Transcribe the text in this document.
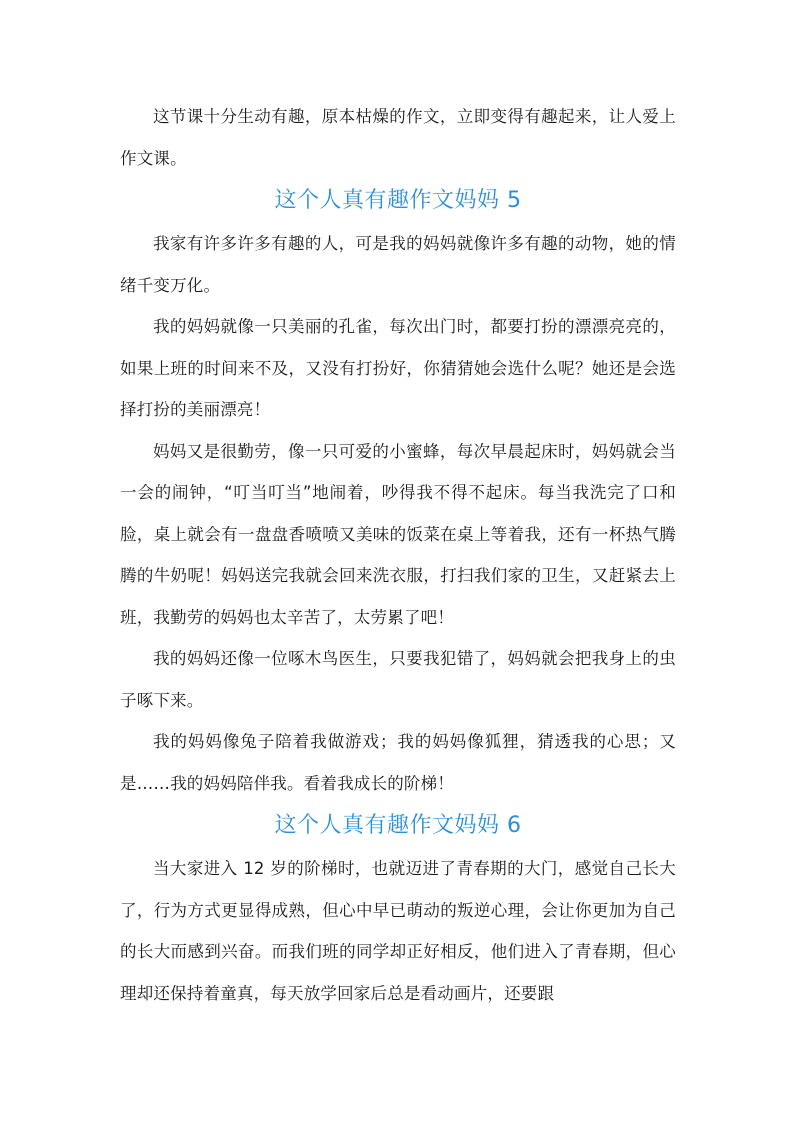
这节课十分生动有趣，原本枯燥的作文，立即变得有趣起来，让人爱上作文课。

这个人真有趣作文妈妈 5

我家有许多许多有趣的人，可是我的妈妈就像许多有趣的动物，她的情绪千变万化。

我的妈妈就像一只美丽的孔雀，每次出门时，都要打扮的漂漂亮亮的，如果上班的时间来不及，又没有打扮好，你猜猜她会选什么呢？她还是会选择打扮的美丽漂亮！

妈妈又是很勤劳，像一只可爱的小蜜蜂，每次早晨起床时，妈妈就会当一会的闹钟，“叮当叮当”地闹着，吵得我不得不起床。每当我洗完了口和脸，桌上就会有一盘盘香喷喷又美味的饭菜在桌上等着我，还有一杯热气腾腾的牛奶呢！妈妈送完我就会回来洗衣服，打扫我们家的卫生，又赶紧去上班，我勤劳的妈妈也太辛苦了，太劳累了吧！

我的妈妈还像一位啄木鸟医生，只要我犯错了，妈妈就会把我身上的虫子啄下来。

我的妈妈像兔子陪着我做游戏；我的妈妈像狐狸，猜透我的心思；又是……我的妈妈陪伴我。看着我成长的阶梯！

这个人真有趣作文妈妈 6

当大家进入 12 岁的阶梯时，也就迈进了青春期的大门，感觉自己长大了，行为方式更显得成熟，但心中早已萌动的叛逆心理，会让你更加为自己的长大而感到兴奋。而我们班的同学却正好相反，他们进入了青春期，但心理却还保持着童真，每天放学回家后总是看动画片，还要跟
